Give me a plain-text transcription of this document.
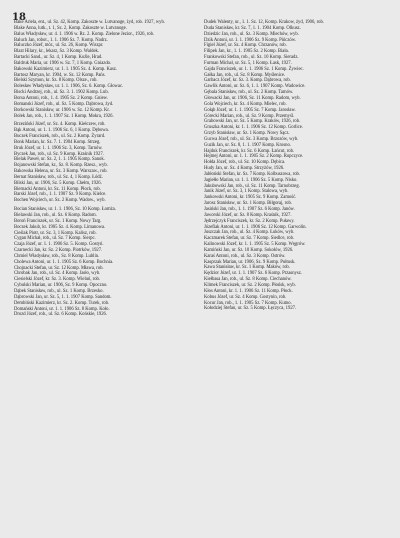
18

Bake Ariela, ent., ul. Sz. 42, Komp. Zakoszte w. Lutvanoge, żyd, rob. 1927, wyb.

Blake Anna, lutk., t. 1, Sz. 2, Komp. Zakoszte w. Lutvanoge.

Balus Władysław, ur. 4. 1. 1906 w. Rz. 2. Komp. Zielone Jezior., 1926, rob.

Baluch Jan, robot., 1. 1. 1906 Sz. 7. Komp. Nadrz.

Baluczko Józef, mór., ul. Sz. 26, Komp. Wiszpr.

Blazt Hilary, kr., lekarz, Sz. 3 Komp. Waldek.

Bartacki Sand., ur. Sz. 4, 1 Komp. Koźle, Hrad.

Baldruk Maria, ur. 1906 w. Sz. 7, 1 Komp. Gniazdo.

Bakowski Kazimierz, ur. 1. 1. 1905 Sz. 4. Komp. Kasz.

Bartosz Maryan, kr. 1904, w. Sz. 12 Komp. Pańs.

Bielski Szymon, kr. Sz. 8 Komp. Olsze., rob.

Bolesław Władysław, ur. 1. 1. 1906, Sz. 6. Komp. Głowac.

Biscki Andrzej, rob., ul. Sz. 3. 1. 1902 Komp. Lub.

Borsa Antoni, rob., 1. 4. 1905 Sz. 2 Komp. Gniew.

Bomanski Józef, rob., ul. Sz. 5 Komp. Dąbrowa, żyd.

Borkowski Stanisław, ur. 1906 w. Sz. 12 Komp. Kr.

Bolek Jan, rob., 1. 1. 1907 Sz. 1 Komp. Mokra, 1926.

Brzeziński Józef, ur. Sz. 4. Komp. Kiełczew, rob.

Bąk Antoni, ur. 1. 1. 1906 Sz. 6, 1 Komp. Dębowa.

Buczek Franciszek, rob., ul. Sz. 2 Komp. Żyrard.

Bonk Marian, kr. Sz. 7. 1. 1904 Komp. Strzeg.

Bruk Józef, ur. 1. 1. 1906 Sz. 3, Komp. Tarnów.

Byczek Jan, rob., ul. Sz. 9 Komp. Kraśnik 1927.

Bielak Paweł, ur. Sz. 2, 1. 1. 1905 Komp. Sanok.

Bojanowski Stefan, kr., Sz. 8. Komp. Rzesz., wyb.

Bakowska Helena, ur. Sz. 3 Komp. Warszaw., rob.

Bernat Stanisław, rob., ul. Sz. 4, 1 Komp. Łódź.

Bilski Jan, ur. 1906, Sz. 5 Komp. Chełm, 1926.

Biernacki Antoni, kr. Sz. 11 Komp. Płock, rob.

Barski Józef, rob., 1. 1. 1907 Sz. 9 Komp. Kielce.

Bochen Wojciech, ur. Sz. 2 Komp. Wadow., wyb.

Bocian Stanisław, ur. 1. 1. 1906, Sz. 10 Komp. Łomża.

Bielawski Jan, rob., ul. Sz. 6 Komp. Radom.

Boroń Franciszek, ur. Sz. 1 Komp. Nowy Targ.

Boczek Jakub, kr. 1905 Sz. 4. Komp. Limanowa.

Cieślak Piotr, ur. Sz. 3, 1 Komp. Kalisz, rob.

Cygan Michał, rob., ul. Sz. 7 Komp. Sierpc.

Czaja Józef, ur. 1. 1. 1906 Sz. 5. Komp. Gostyń.

Czarnecki Jan, kr. Sz. 2 Komp. Piotrków, 1927.

Chmiel Władysław, rob., Sz. 8 Komp. Lublin.

Cholewa Antoni, ur. 1. 1. 1905 Sz. 6 Komp. Bochnia.

Chojnacki Stefan, ur. Sz. 12 Komp. Mława, rob.

Chrobak Jan, rob., ul. Sz. 4 Komp. Jasło, wyb.

Ciesielski Józef, kr. Sz. 3. Komp. Wieluń, rob.

Cybulski Marian, ur. 1906, Sz. 9 Komp. Opoczno.

Dąbek Stanisław, rob., ul. Sz. 1 Komp. Brzesko.

Dąbrowski Jan, ur. Sz. 5, 1. 1. 1907 Komp. Sandom.

Dembiński Kazimierz, kr. Sz. 2. Komp. Turek, rob.

Domański Antoni, ur. 1. 1. 1906 Sz. 8 Komp. Koło.

Drozd Józef, rob., ul. Sz. 6 Komp. Końskie, 1926.

Dudek Walenty, ur., 1. 1. Sz. 12, Komp. Krakow, żyd, 1906, rob.

Duda Stanisław, kr. Sz. 7, 1. 1. 1904 Komp. Olkusz.

Dziedzic Jan, rob., ul. Sz. 3 Komp. Miechów, wyb.

Dzik Antoni, ur. 1. 1. 1906 Sz. 9 Komp. Pińczów.

Figiel Józef, ur. Sz. 4 Komp. Chrzanów, rob.

Filipek Jan, kr., 1. 1. 1905 Sz. 2 Komp. Biała.

Frankowski Stefan, rob., ul. Sz. 10 Komp. Sieradz.

Furman Michał, ur. Sz. 5, 1 Komp. Łask, 1927.

Gajda Franciszek, ur. 1. 1. 1906 Sz. 1 Komp. Żywiec.

Gałka Jan, rob., ul. Sz. 8 Komp. Myślenice.

Garbacz Józef, kr. Sz. 3. Komp. Dąbrowa, rob.

Gawlik Antoni, ur. Sz. 6, 1. 1. 1907 Komp. Wadowice.

Gębala Stanisław, rob., ul. Sz. 2 Komp. Tarnów.

Głowacki Jan, ur. 1906, Sz. 11 Komp. Radom, wyb.

Gola Wojciech, kr. Sz. 4 Komp. Mielec, rob.

Gołąb Józef, ur. 1. 1. 1905 Sz. 7 Komp. Jarosław.

Górecki Marian, rob., ul. Sz. 9 Komp. Przemyśl.

Grabowski Jan, ur. Sz. 5 Komp. Kraków, 1926, rob.

Gruszka Antoni, kr. 1. 1. 1906 Sz. 12 Komp. Gorlice.

Grzyb Stanisław, ur. Sz. 1 Komp. Nowy Sącz.

Gucwa Józef, rob., ul. Sz. 3 Komp. Brzozów, wyb.

Guzik Jan, ur. Sz. 8, 1. 1. 1907 Komp. Krosno.

Hajduk Franciszek, kr. Sz. 6 Komp. Łańcut, rob.

Hejmej Antoni, ur. 1. 1. 1905 Sz. 2 Komp. Ropczyce.

Hołda Józef, rob., ul. Sz. 10 Komp. Dębica.

Hudy Jan, ur. Sz. 4 Komp. Strzyżów, 1926.

Jabłoński Stefan, kr. Sz. 7 Komp. Kolbuszowa, rob.

Jagiełło Marian, ur. 1. 1. 1906 Sz. 5 Komp. Nisko.

Jakubowski Jan, rob., ul. Sz. 11 Komp. Tarnobrzeg.

Janik Józef, ur. Sz. 3, 1 Komp. Stalowa, wyb.

Jankowski Antoni, kr. 1905 Sz. 9 Komp. Zamość.

Jarosz Stanisław, ur. Sz. 1 Komp. Biłgoraj, rob.

Jasiński Jan, rob., 1. 1. 1907 Sz. 6 Komp. Janów.

Jaworski Józef, ur. Sz. 8 Komp. Kraśnik, 1927.

Jędrzejczyk Franciszek, kr. Sz. 2 Komp. Puławy.

Józefiak Antoni, ur. 1. 1. 1906 Sz. 12 Komp. Garwolin.

Juszczak Jan, rob., ul. Sz. 4 Komp. Łuków, wyb.

Kaczmarek Stefan, ur. Sz. 7 Komp. Siedlce, rob.

Kalinowski Józef, kr. 1. 1. 1905 Sz. 5 Komp. Węgrów.

Kamiński Jan, ur. Sz. 10 Komp. Sokołów, 1926.

Karaś Antoni, rob., ul. Sz. 3 Komp. Ostrów.

Kasprzak Marian, ur. 1906, Sz. 9 Komp. Pułtusk.

Kawa Stanisław, kr. Sz. 1 Komp. Maków, rob.

Kędzior Józef, ur. 1. 1. 1907 Sz. 6 Komp. Przasnysz.

Kiełbasa Jan, rob., ul. Sz. 8 Komp. Ciechanów.

Klimek Franciszek, ur. Sz. 2 Komp. Płońsk, wyb.

Kłos Antoni, kr. 1. 1. 1906 Sz. 11 Komp. Płock.

Kobus Józef, ur. Sz. 4 Komp. Gostynin, rob.

Kocur Jan, rob., 1. 1. 1905 Sz. 7 Komp. Kutno.

Kołodziej Stefan, ur. Sz. 5 Komp. Łęczyca, 1927.
